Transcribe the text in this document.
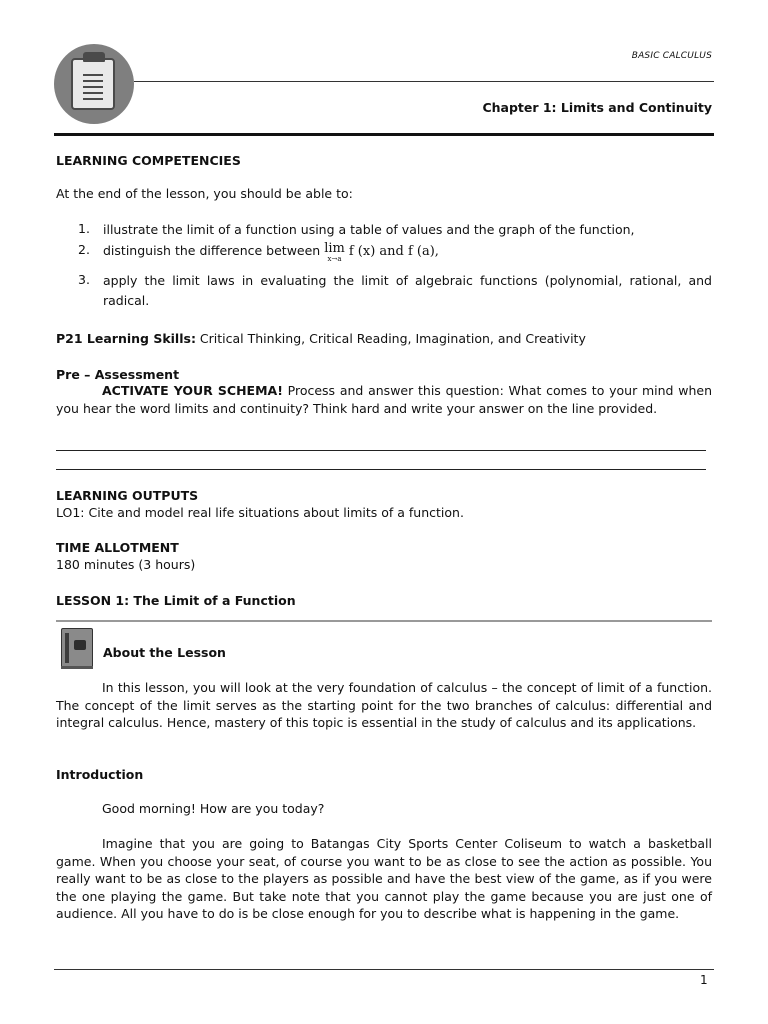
BASIC CALCULUS
Chapter 1: Limits and Continuity
LEARNING COMPETENCIES
At the end of the lesson, you should be able to:
1.	illustrate the limit of a function using a table of values and the graph of the function,
2.	distinguish the difference between lim
x→a f (x) and f (a),
3.	apply the limit laws in evaluating the limit of algebraic functions (polynomial, rational, and radical.
P21 Learning Skills: Critical Thinking, Critical Reading, Imagination, and Creativity
Pre – Assessment
ACTIVATE YOUR SCHEMA! Process and answer this question: What comes to your mind when you hear the word limits and continuity? Think hard and write your answer on the line provided.
LEARNING OUTPUTS
LO1: Cite and model real life situations about limits of a function.
TIME ALLOTMENT
180 minutes (3 hours)
LESSON 1: The Limit of a Function
About the Lesson
In this lesson, you will look at the very foundation of calculus – the concept of limit of a function. The concept of the limit serves as the starting point for the two branches of calculus: differential and integral calculus. Hence, mastery of this topic is essential in the study of calculus and its applications.
Introduction
Good morning! How are you today?
Imagine that you are going to Batangas City Sports Center Coliseum to watch a basketball game. When you choose your seat, of course you want to be as close to see the action as possible. You really want to be as close to the players as possible and have the best view of the game, as if you were the one playing the game. But take note that you cannot play the game because you are just one of audience. All you have to do is be close enough for you to describe what is happening in the game.
1
